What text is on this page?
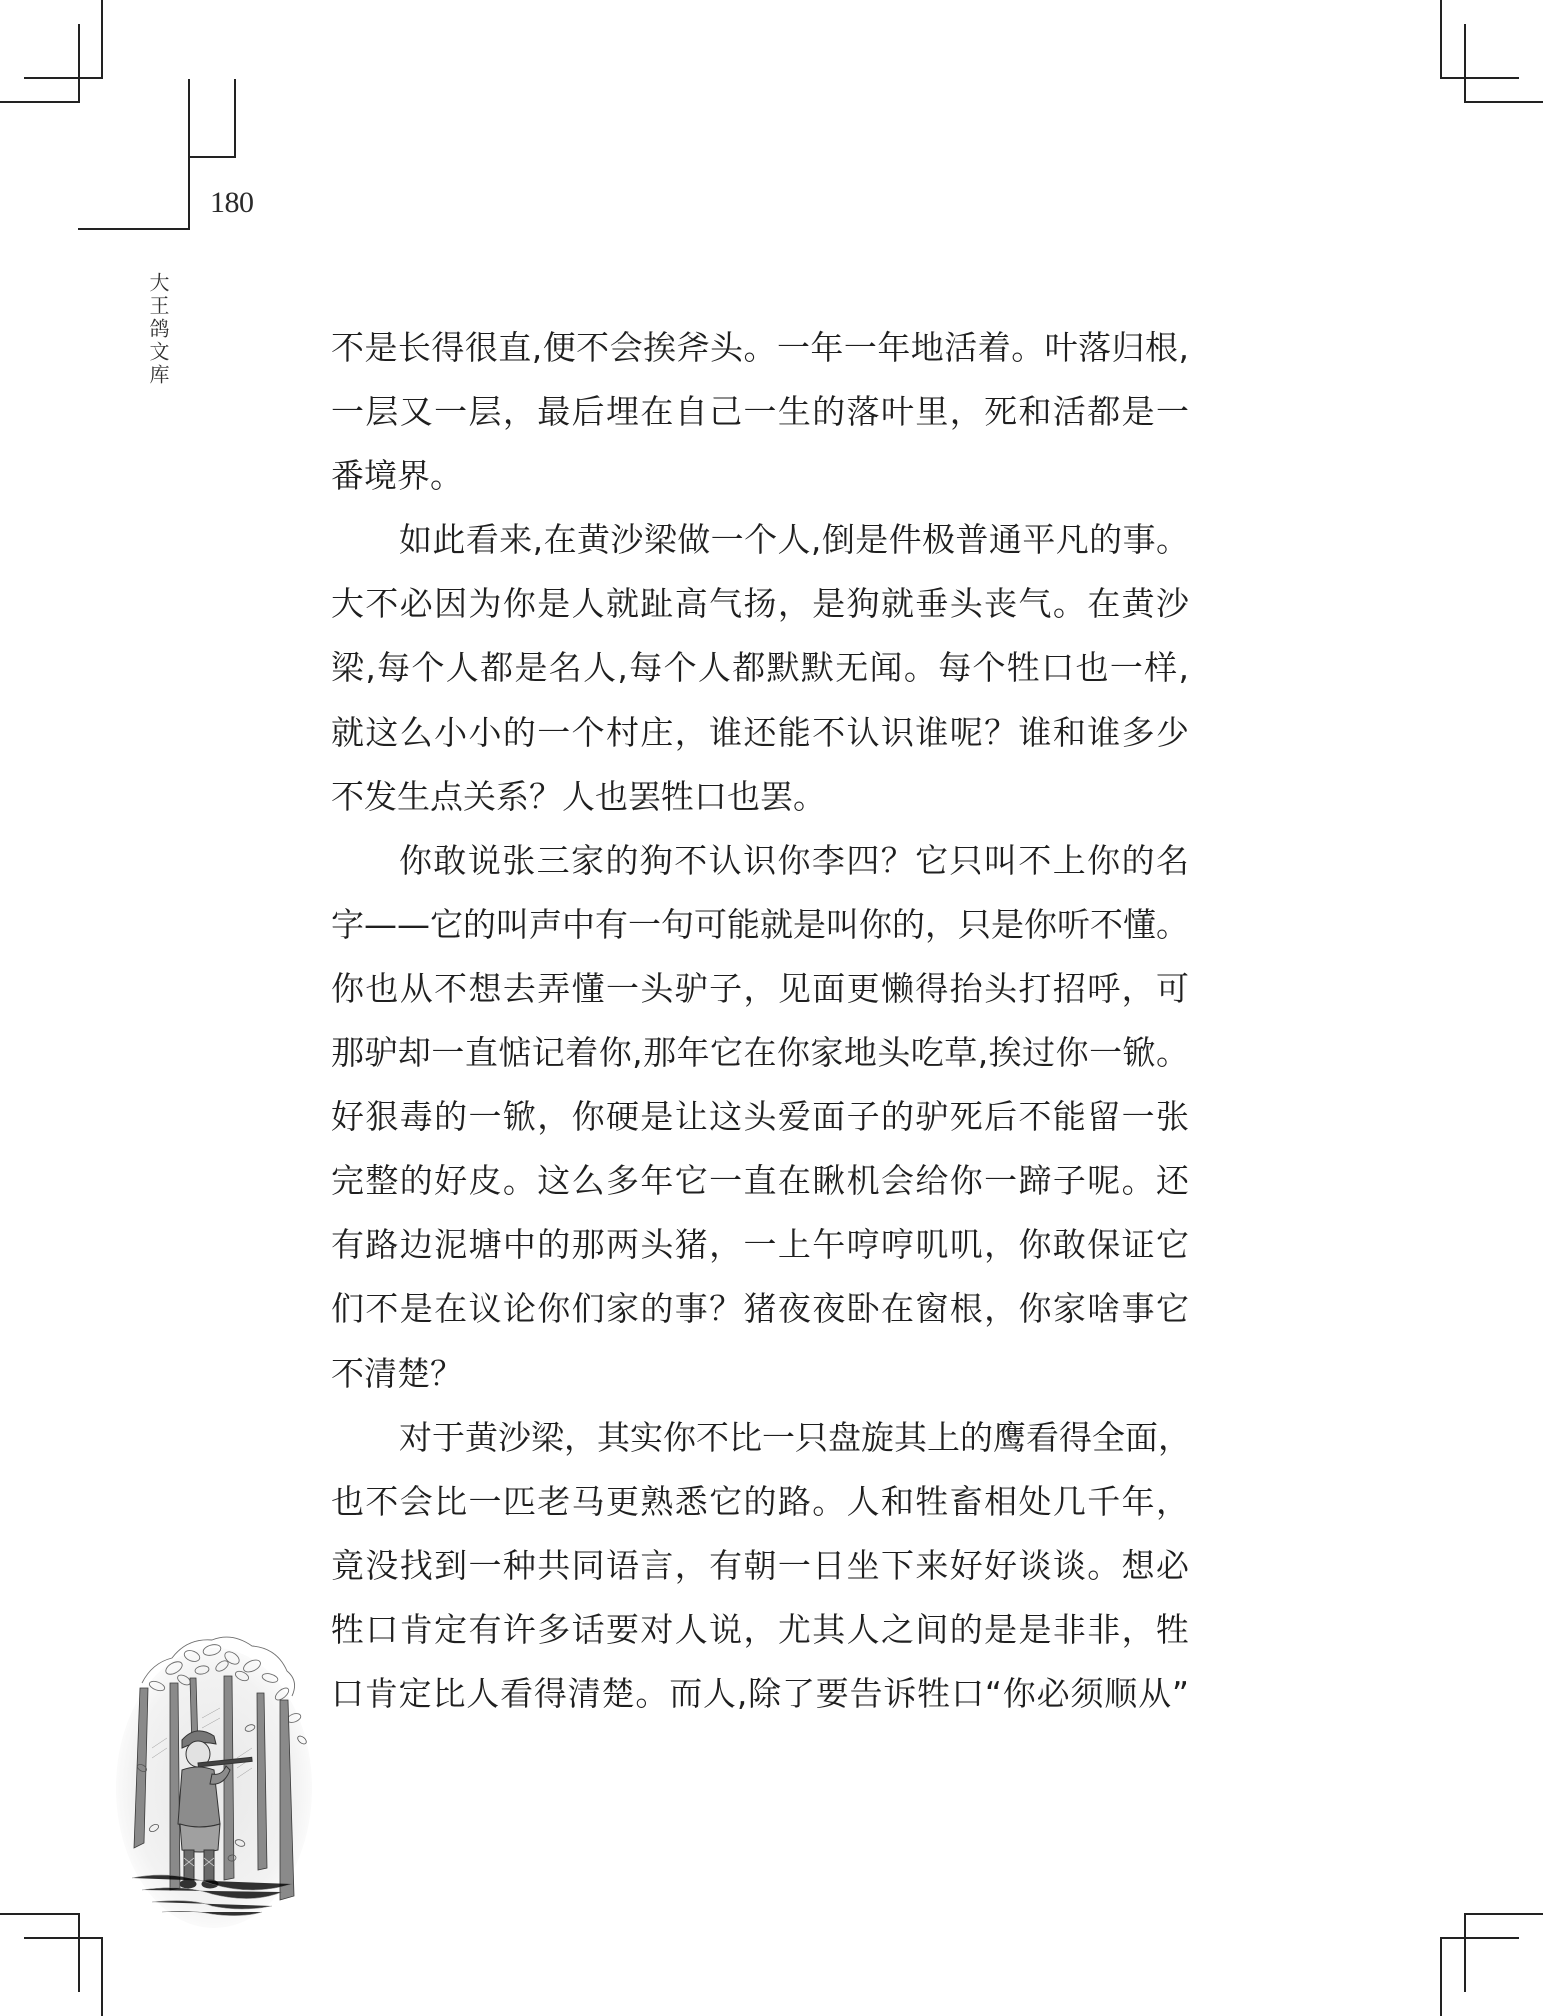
180
大王鸽文库	不是长得很直,便不会挨斧头。一年一年地活着。叶落归根,
一层又一层，最后埋在自己一生的落叶里，死和活都是一
番境界。
如此看来,在黄沙梁做一个人,倒是件极普通平凡的事。
大不必因为你是人就趾高气扬，是狗就垂头丧气。在黄沙
梁,每个人都是名人,每个人都默默无闻。每个牲口也一样,
就这么小小的一个村庄，谁还能不认识谁呢？谁和谁多少
不发生点关系？人也罢牲口也罢。
你敢说张三家的狗不认识你李四？它只叫不上你的名
字——它的叫声中有一句可能就是叫你的，只是你听不懂。
你也从不想去弄懂一头驴子，见面更懒得抬头打招呼，可
那驴却一直惦记着你,那年它在你家地头吃草,挨过你一锨。
好狠毒的一锨，你硬是让这头爱面子的驴死后不能留一张
完整的好皮。这么多年它一直在瞅机会给你一蹄子呢。还
有路边泥塘中的那两头猪，一上午哼哼叽叽，你敢保证它
们不是在议论你们家的事？猪夜夜卧在窗根，你家啥事它
不清楚？
对于黄沙梁，其实你不比一只盘旋其上的鹰看得全面，
也不会比一匹老马更熟悉它的路。人和牲畜相处几千年，
竟没找到一种共同语言，有朝一日坐下来好好谈谈。想必
牲口肯定有许多话要对人说，尤其人之间的是是非非，牲
口肯定比人看得清楚。而人,除了要告诉牲口“你必须顺从”
